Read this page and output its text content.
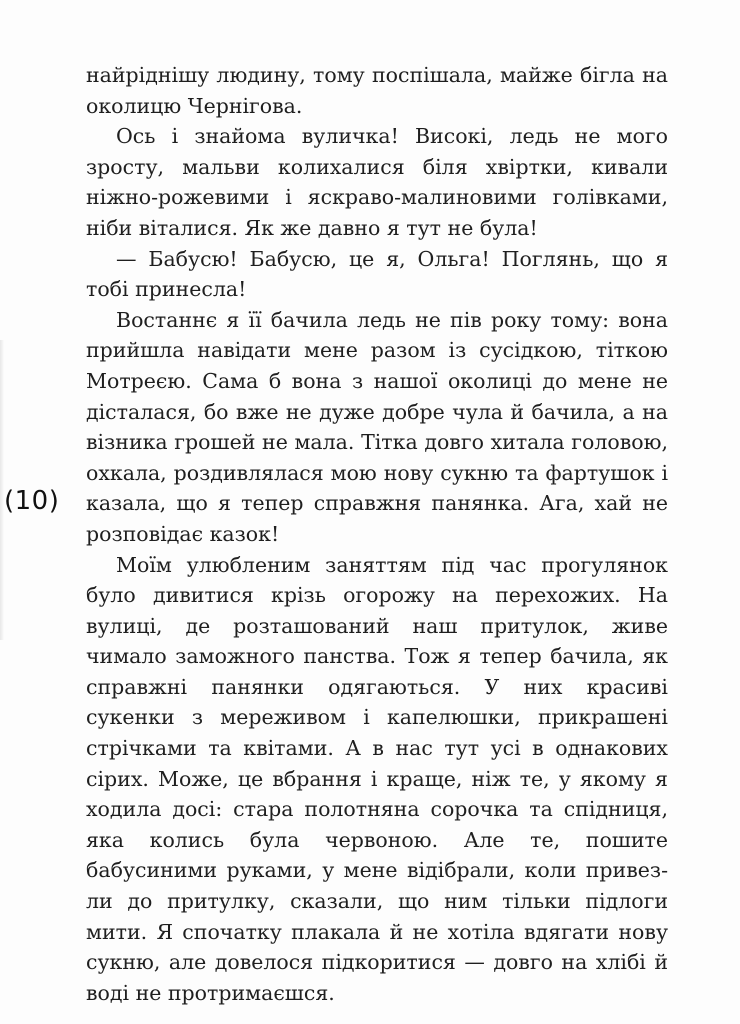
найріднішу людину, тому поспішала, майже бігла на околицю Чернігова.

Ось і знайома вуличка! Високі, ледь не мого зросту, мальви колихалися біля хвіртки, кивали ніжно-рожевими і яскраво-малиновими голівками, ніби віталися. Як же давно я тут не була!

— Бабусю! Бабусю, це я, Ольга! Поглянь, що я тобі принесла!

Востаннє я її бачила ледь не пів року тому: вона прийшла навідати мене разом із сусідкою, тіткою Мотреєю. Сама б вона з нашої околиці до мене не дісталася, бо вже не дуже добре чула й бачила, а на візника грошей не мала. Тітка довго хитала головою, охкала, роздивлялася мою нову сукню та фартушок і казала, що я тепер справжня панянка. Ага, хай не розповідає казок!

Моїм улюбленим заняттям під час прогулянок було дивитися крізь огорожу на перехожих. На вулиці, де розташований наш притулок, живе чимало заможного панства. Тож я тепер бачила, як справжні панянки одягаються. У них красиві сукенки з мереживом і капелюшки, прикрашені стрічками та квітами. А в нас тут усі в однакових сірих. Може, це вбрання і краще, ніж те, у якому я ходила досі: стара полотняна сорочка та спідниця, яка колись була червоною. Але те, пошите бабусиними руками, у мене відібрали, коли привезли до притулку, сказали, що ним тільки підлоги мити. Я спочатку плакала й не хотіла вдягати нову сукню, але довелося підкоритися — довго на хлібі й воді не протримаєшся.

(10)
